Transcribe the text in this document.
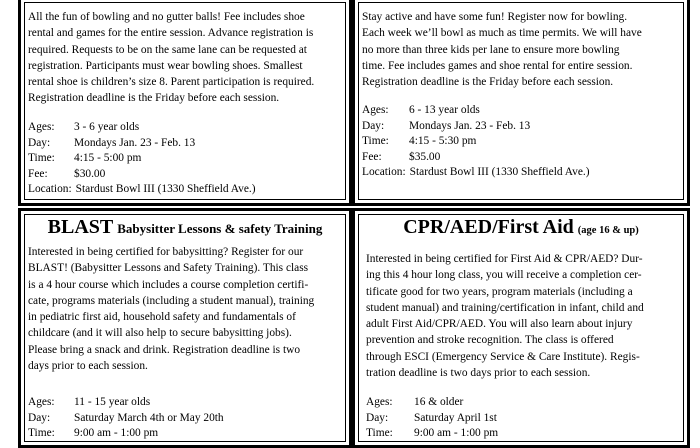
All the fun of bowling and no gutter balls! Fee includes shoe
rental and games for the entire session. Advance registration is
required. Requests to be on the same lane can be requested at
registration. Participants must wear bowling shoes. Smallest
rental shoe is children’s size 8. Parent participation is required.
Registration deadline is the Friday before each session.

Ages:	3 - 6 year olds
Day:	Mondays Jan. 23 - Feb. 13
Time:	4:15 - 5:00 pm
Fee:	$30.00
Location: Stardust Bowl III (1330 Sheffield Ave.)

Stay active and have some fun! Register now for bowling.
Each week we’ll bowl as much as time permits. We will have
no more than three kids per lane to ensure more bowling
time. Fee includes games and shoe rental for entire session.
Registration deadline is the Friday before each session.

Ages:	6 - 13 year olds
Day:	Mondays Jan. 23 - Feb. 13
Time:	4:15 - 5:30 pm
Fee:	$35.00
Location: Stardust Bowl III (1330 Sheffield Ave.)
BLAST Babysitter Lessons & safety Training

Interested in being certified for babysitting? Register for our
BLAST! (Babysitter Lessons and Safety Training). This class
is a 4 hour course which includes a course completion certifi-
cate, programs materials (including a student manual), training
in pediatric first aid, household safety and fundamentals of
childcare (and it will also help to secure babysitting jobs).
Please bring a snack and drink. Registration deadline is two
days prior to each session.

Ages:	11 - 15 year olds
Day:	Saturday March 4th or May 20th
Time:	9:00 am - 1:00 pm
CPR/AED/First Aid (age 16 & up)

Interested in being certified for First Aid & CPR/AED? Dur-
ing this 4 hour long class, you will receive a completion cer-
tificate good for two years, program materials (including a
student manual) and training/certification in infant, child and
adult First Aid/CPR/AED. You will also learn about injury
prevention and stroke recognition. The class is offered
through ESCI (Emergency Service & Care Institute). Regis-
tration deadline is two days prior to each session.

Ages:	16 & older
Day:	Saturday April 1st
Time:	9:00 am - 1:00 pm
